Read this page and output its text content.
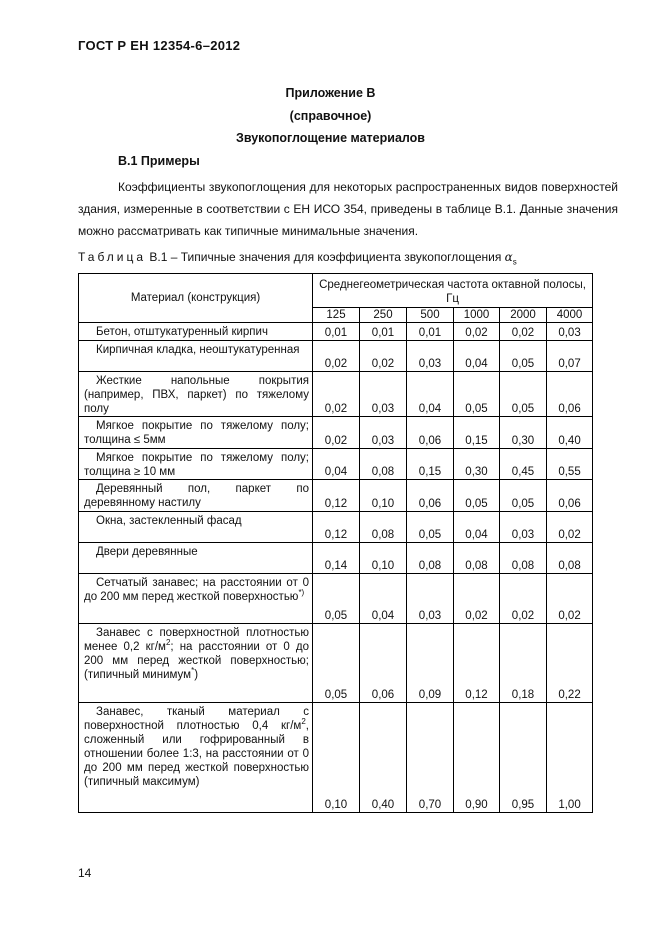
ГОСТ Р ЕН 12354-6–2012
Приложение В
(справочное)
Звукопоглощение материалов
В.1 Примеры
Коэффициенты звукопоглощения для некоторых распространенных видов поверхностей здания, измеренные в соответствии с ЕН ИСО 354, приведены в таблице В.1. Данные значения можно рассматривать как типичные минимальные значения.
Таблица В.1 – Типичные значения для коэффициента звукопоглощения $\alpha_s$
Материал (конструкция)	Среднегеометрическая частота октавной полосы, Гц					
	125	250	500	1000	2000	4000
Бетон, отштукатуренный кирпич	0,01	0,01	0,01	0,02	0,02	0,03
Кирпичная кладка, неоштукатуренная	0,02	0,02	0,03	0,04	0,05	0,07
Жесткие напольные покрытия (например, ПВХ, паркет) по тяжелому полу	0,02	0,03	0,04	0,05	0,05	0,06
Мягкое покрытие по тяжелому полу; толщина ≤ 5мм	0,02	0,03	0,06	0,15	0,30	0,40
Мягкое покрытие по тяжелому полу; толщина ≥ 10 мм	0,04	0,08	0,15	0,30	0,45	0,55
Деревянный пол, паркет по деревянному настилу	0,12	0,10	0,06	0,05	0,05	0,06
Окна, застекленный фасад	0,12	0,08	0,05	0,04	0,03	0,02
Двери деревянные	0,14	0,10	0,08	0,08	0,08	0,08
Сетчатый занавес; на расстоянии от 0 до 200 мм перед жесткой поверхностью*)	0,05	0,04	0,03	0,02	0,02	0,02
Занавес с поверхностной плотностью менее 0,2 $кг/м^2$; на расстоянии от 0 до 200 мм перед жесткой поверхностью; (типичный минимум*)	0,05	0,06	0,09	0,12	0,18	0,22
Занавес, тканый материал с поверхностной плотностью 0,4 $кг/м^2$, сложенный или гофрированный в отношении более 1:3, на расстоянии от 0 до 200 мм перед жесткой поверхностью (типичный максимум)	0,10	0,40	0,70	0,90	0,95	1,00
14
